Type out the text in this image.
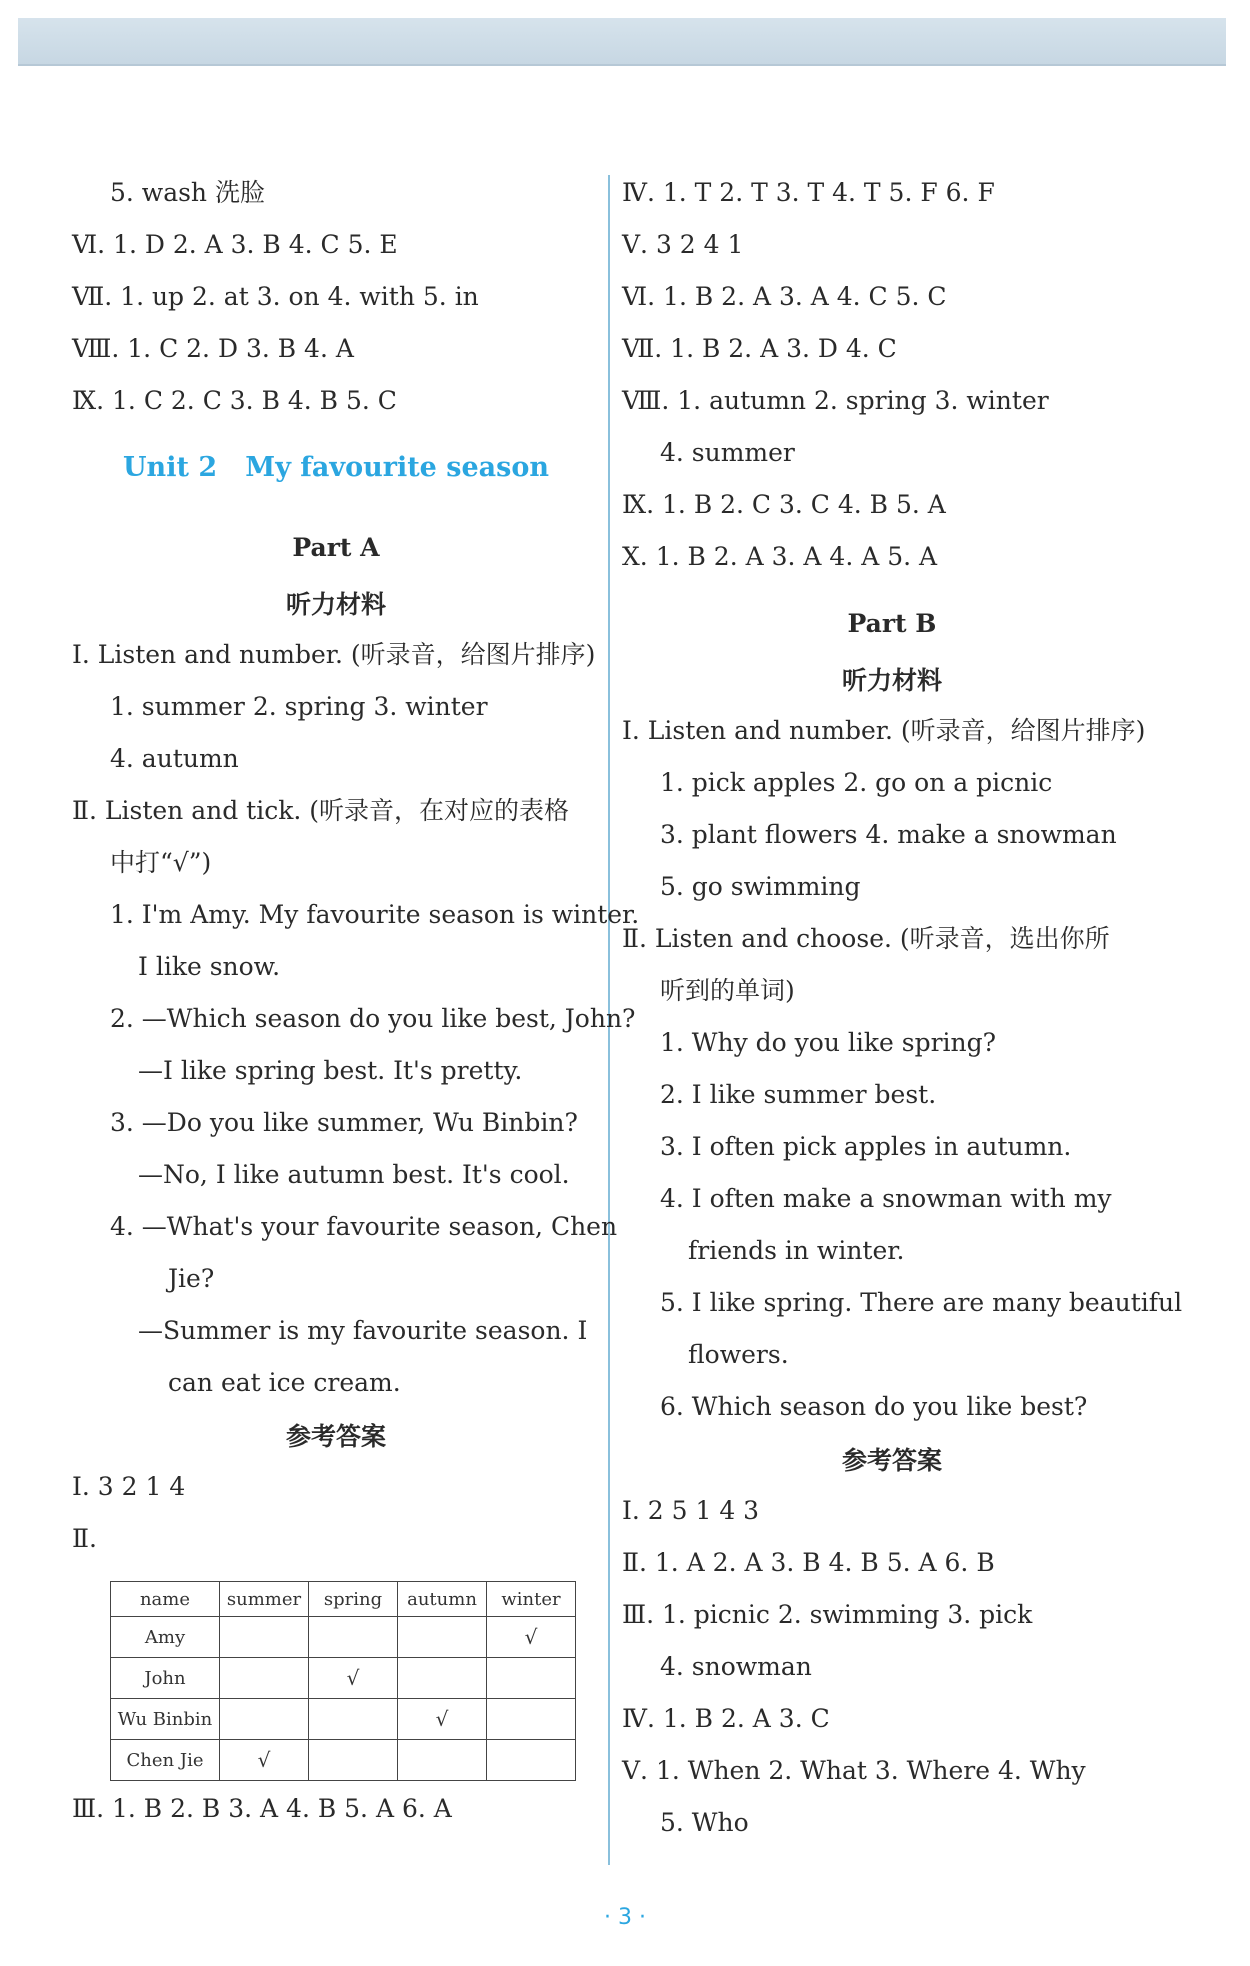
5. wash 洗脸
Ⅵ. 1. D 2. A 3. B 4. C 5. E
Ⅶ. 1. up 2. at 3. on 4. with 5. in
Ⅷ. 1. C 2. D 3. B 4. A
Ⅸ. 1. C 2. C 3. B 4. B 5. C
Unit 2   My favourite season
Part A
听力材料
Ⅰ. Listen and number. (听录音，给图片排序)
1. summer 2. spring 3. winter
4. autumn
Ⅱ. Listen and tick. (听录音，在对应的表格
中打“√”)
1. I'm Amy. My favourite season is winter.
I like snow.
2. —Which season do you like best, John?
—I like spring best. It's pretty.
3. —Do you like summer, Wu Binbin?
—No, I like autumn best. It's cool.
4. —What's your favourite season, Chen
Jie?
—Summer is my favourite season. I
can eat ice cream.
参考答案
Ⅰ. 3 2 1 4
Ⅱ.
name	summer	spring	autumn	winter
Amy				√
John		√		
Wu Binbin			√	
Chen Jie	√			
Ⅲ. 1. B 2. B 3. A 4. B 5. A 6. A
Ⅳ. 1. T 2. T 3. T 4. T 5. F 6. F
Ⅴ. 3 2 4 1
Ⅵ. 1. B 2. A 3. A 4. C 5. C
Ⅶ. 1. B 2. A 3. D 4. C
Ⅷ. 1. autumn 2. spring 3. winter
4. summer
Ⅸ. 1. B 2. C 3. C 4. B 5. A
Ⅹ. 1. B 2. A 3. A 4. A 5. A
Part B
听力材料
Ⅰ. Listen and number. (听录音，给图片排序)
1. pick apples 2. go on a picnic
3. plant flowers 4. make a snowman
5. go swimming
Ⅱ. Listen and choose. (听录音，选出你所
听到的单词)
1. Why do you like spring?
2. I like summer best.
3. I often pick apples in autumn.
4. I often make a snowman with my
friends in winter.
5. I like spring. There are many beautiful
flowers.
6. Which season do you like best?
参考答案
Ⅰ. 2 5 1 4 3
Ⅱ. 1. A 2. A 3. B 4. B 5. A 6. B
Ⅲ. 1. picnic 2. swimming 3. pick
4. snowman
Ⅳ. 1. B 2. A 3. C
Ⅴ. 1. When 2. What 3. Where 4. Why
5. Who
· 3 ·
